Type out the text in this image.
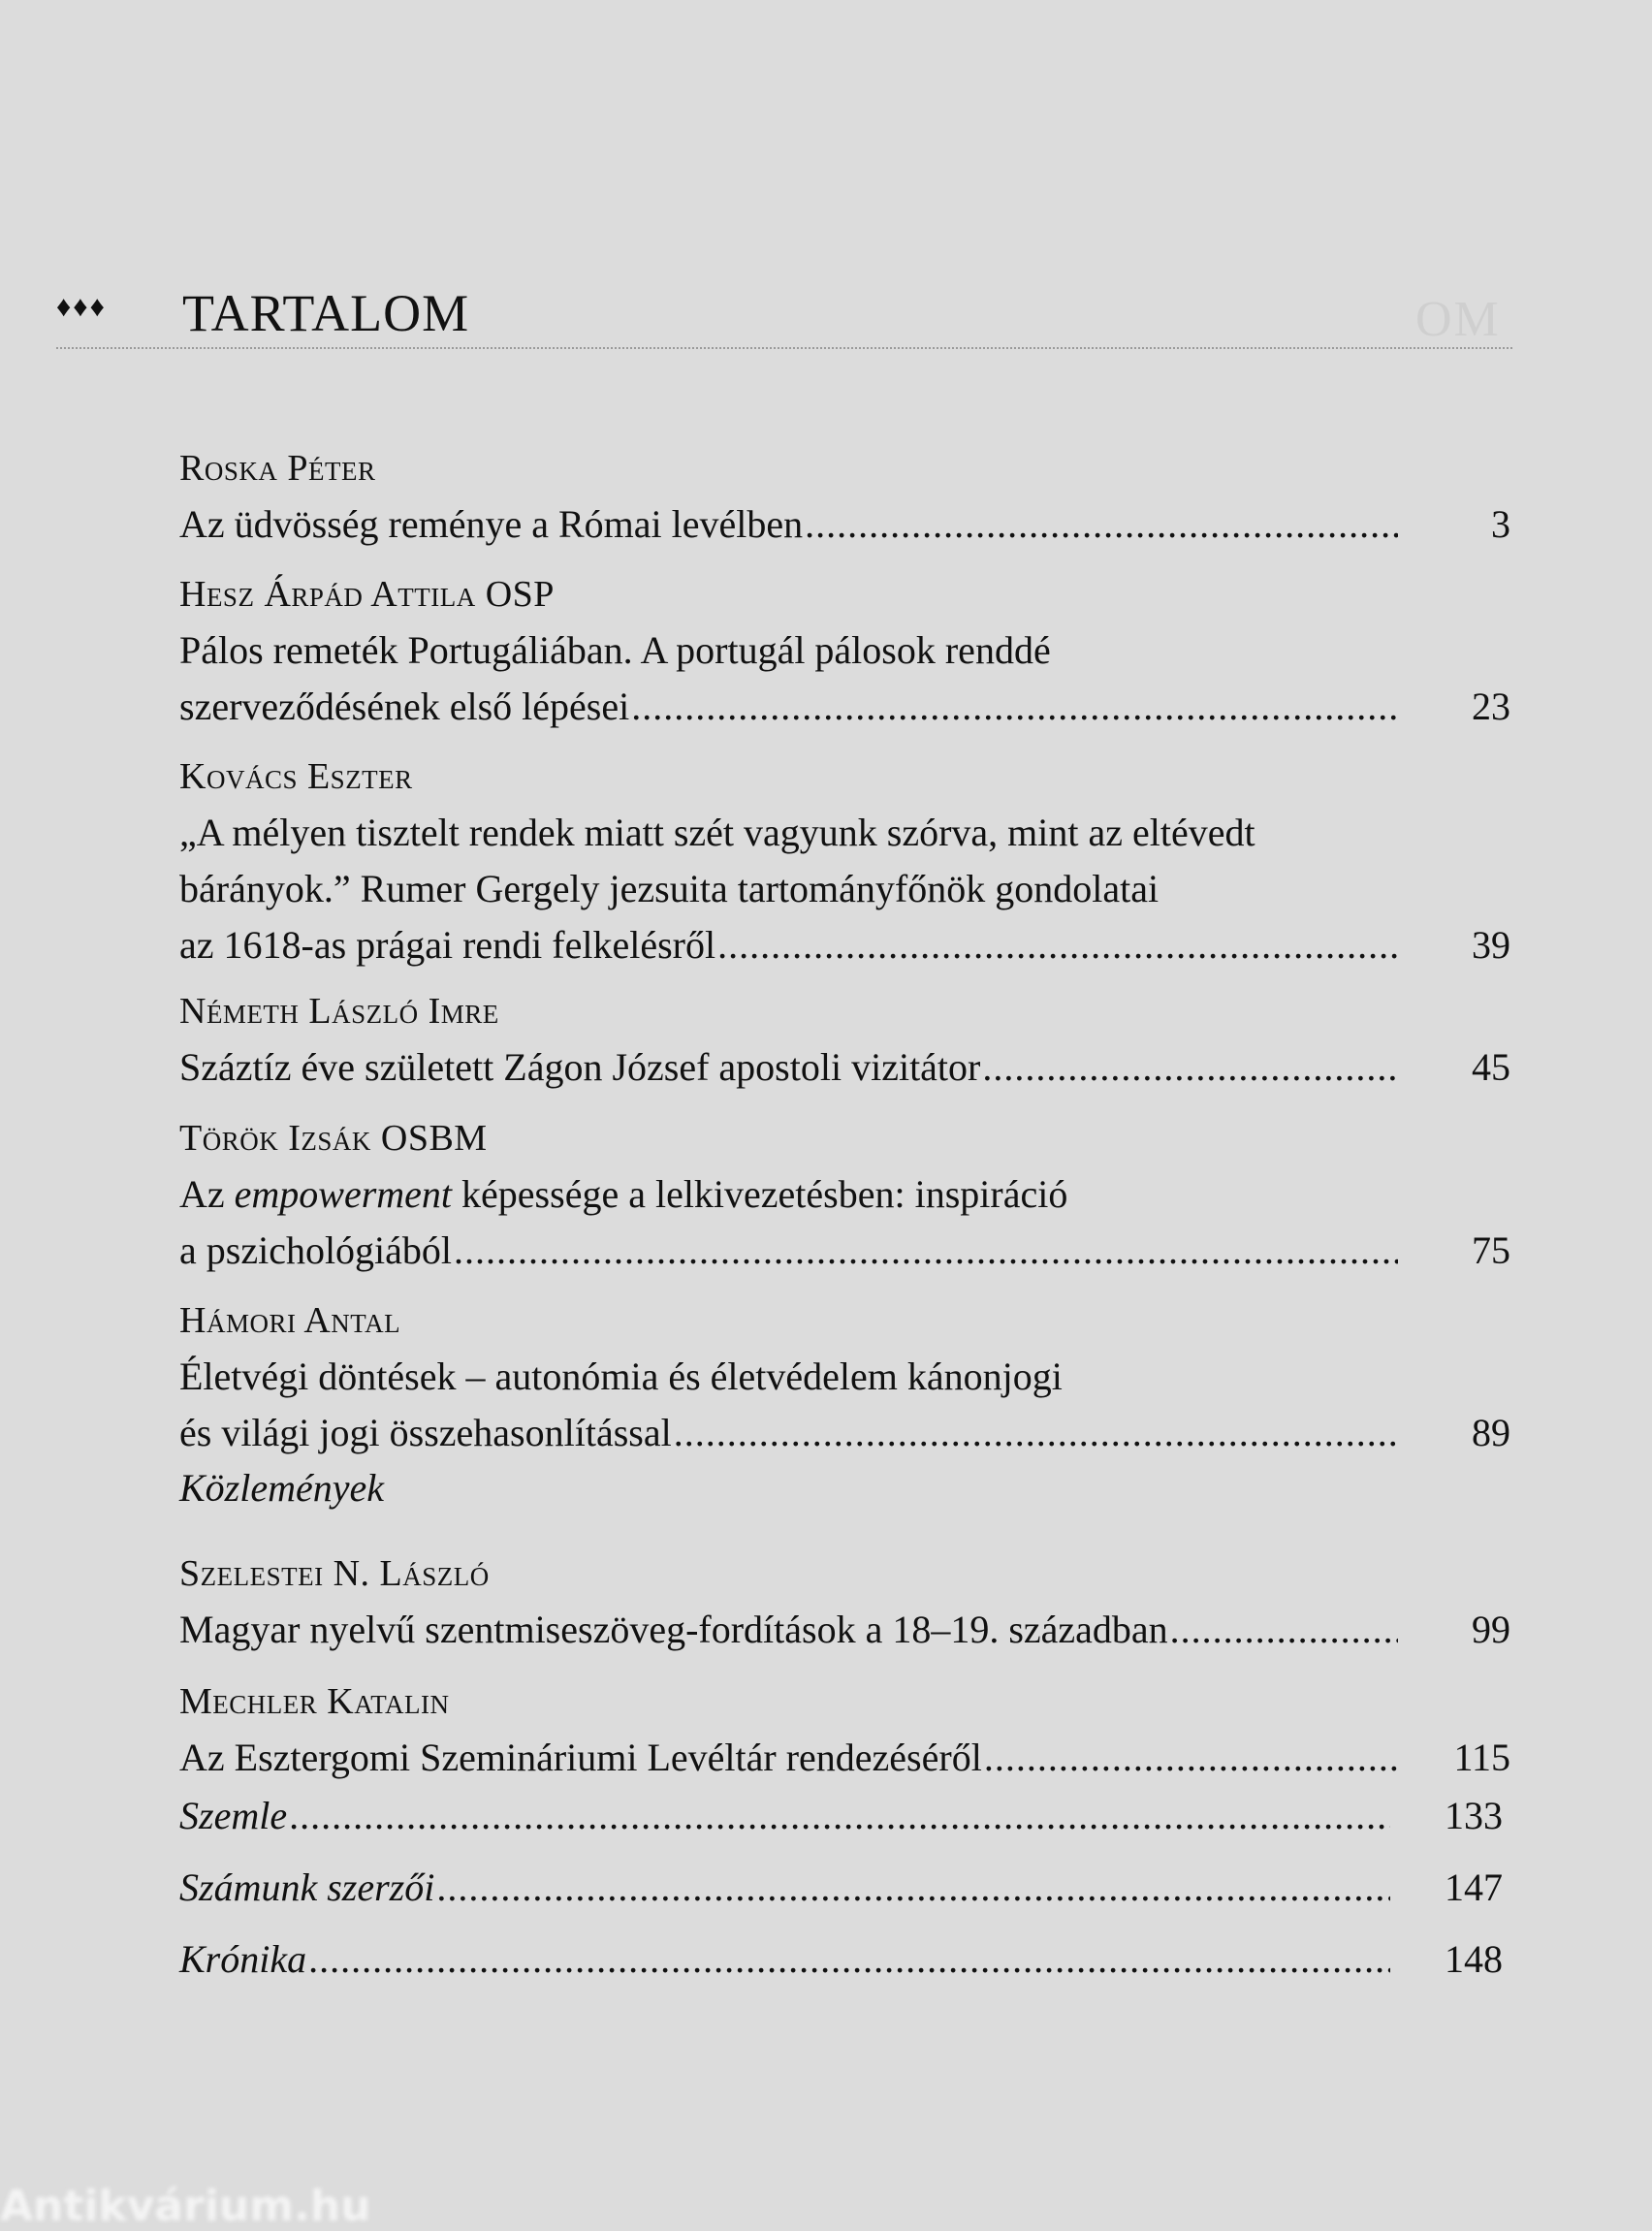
OM
♦♦♦ TARTALOM
Roska Péter
Az üdvösség reménye a Római levélben .....	3
Hesz Árpád Attila OSP
Pálos remeték Portugáliában. A portugál pálosok renddé
szerveződésének első lépései .....	23
Kovács Eszter
„A mélyen tisztelt rendek miatt szét vagyunk szórva, mint az eltévedt
bárányok.” Rumer Gergely jezsuita tartományfőnök gondolatai
az 1618-as prágai rendi felkelésről .....	39
Németh László Imre
Száztíz éve született Zágon József apostoli vizitátor .....	45
Török Izsák OSBM
Az empowerment képessége a lelkivezetésben: inspiráció
a pszichológiából .....	75
Hámori Antal
Életvégi döntések – autonómia és életvédelem kánonjogi
és világi jogi összehasonlítással .....	89
Közlemények
Szelestei N. László
Magyar nyelvű szentmiseszöveg-fordítások a 18–19. században .....	99
Mechler Katalin
Az Esztergomi Szemináriumi Levéltár rendezéséről .....	115
Szemle .....	133
Számunk szerzői .....	147
Krónika .....	148
Antikvárium.hu
